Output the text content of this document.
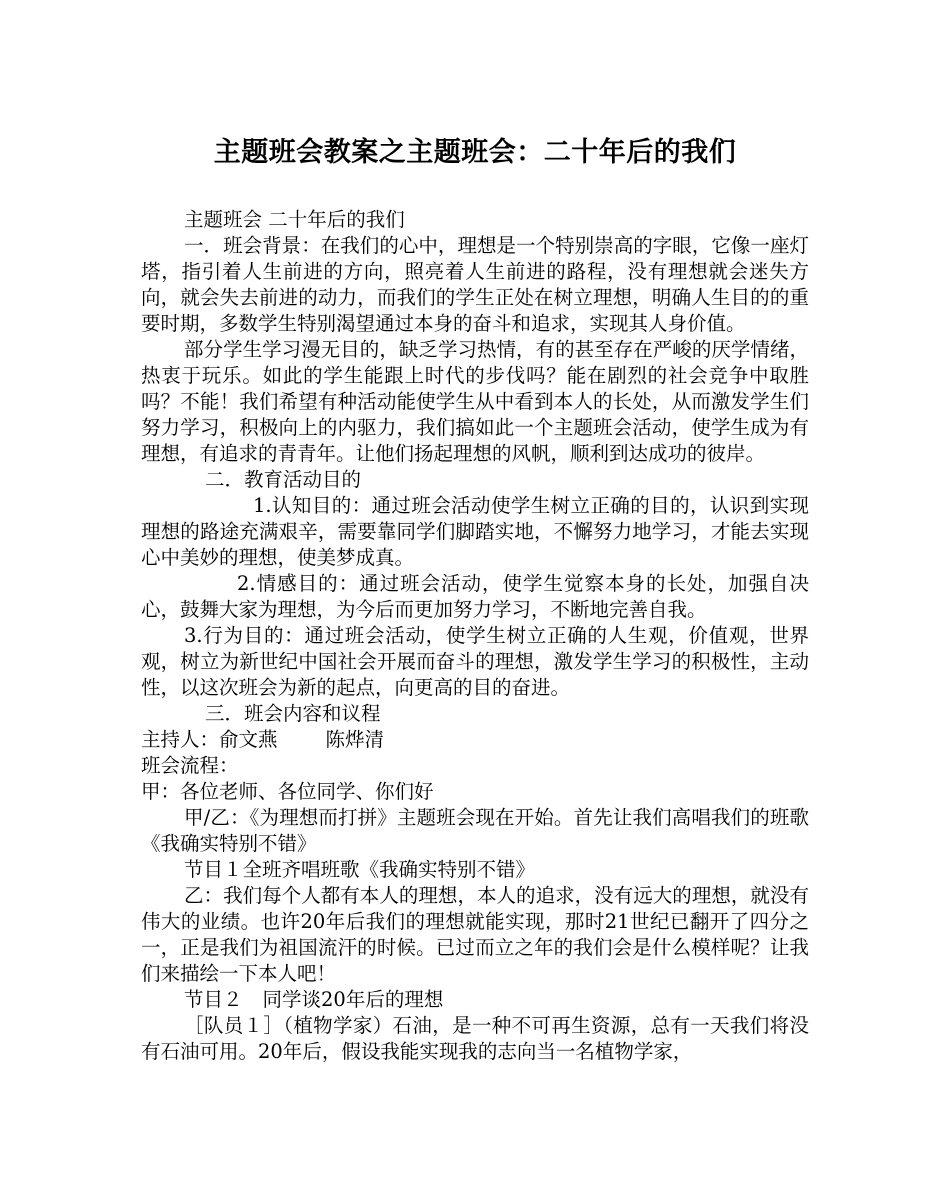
主题班会教案之主题班会：二十年后的我们

主题班会 二十年后的我们

一．班会背景：在我们的心中，理想是一个特别崇高的字眼，它像一座灯塔，指引着人生前进的方向，照亮着人生前进的路程，没有理想就会迷失方向，就会失去前进的动力，而我们的学生正处在树立理想，明确人生目的的重要时期，多数学生特别渴望通过本身的奋斗和追求，实现其人身价值。

部分学生学习漫无目的，缺乏学习热情，有的甚至存在严峻的厌学情绪，热衷于玩乐。如此的学生能跟上时代的步伐吗？能在剧烈的社会竞争中取胜吗？不能！我们希望有种活动能使学生从中看到本人的长处，从而激发学生们努力学习，积极向上的内驱力，我们搞如此一个主题班会活动，使学生成为有理想，有追求的青青年。让他们扬起理想的风帆，顺利到达成功的彼岸。

二．教育活动目的

1.认知目的：通过班会活动使学生树立正确的目的，认识到实现理想的路途充满艰辛，需要靠同学们脚踏实地，不懈努力地学习，才能去实现心中美妙的理想，使美梦成真。

2.情感目的：通过班会活动，使学生觉察本身的长处，加强自决心，鼓舞大家为理想，为今后而更加努力学习，不断地完善自我。

3.行为目的：通过班会活动，使学生树立正确的人生观，价值观，世界观，树立为新世纪中国社会开展而奋斗的理想，激发学生学习的积极性，主动性，以这次班会为新的起点，向更高的目的奋进。

三．班会内容和议程

主持人：俞文燕 陈烨清

班会流程：

甲：各位老师、各位同学、你们好

甲/乙：《为理想而打拼》主题班会现在开始。首先让我们高唱我们的班歌《我确实特别不错》

节目１全班齐唱班歌《我确实特别不错》

乙：我们每个人都有本人的理想，本人的追求，没有远大的理想，就没有伟大的业绩。也许20年后我们的理想就能实现，那时21世纪已翻开了四分之一，正是我们为祖国流汗的时候。已过而立之年的我们会是什么模样呢？让我们来描绘一下本人吧！

节目２ 同学谈20年后的理想

［队员１］（植物学家）石油，是一种不可再生资源，总有一天我们将没有石油可用。20年后，假设我能实现我的志向当一名植物学家，
